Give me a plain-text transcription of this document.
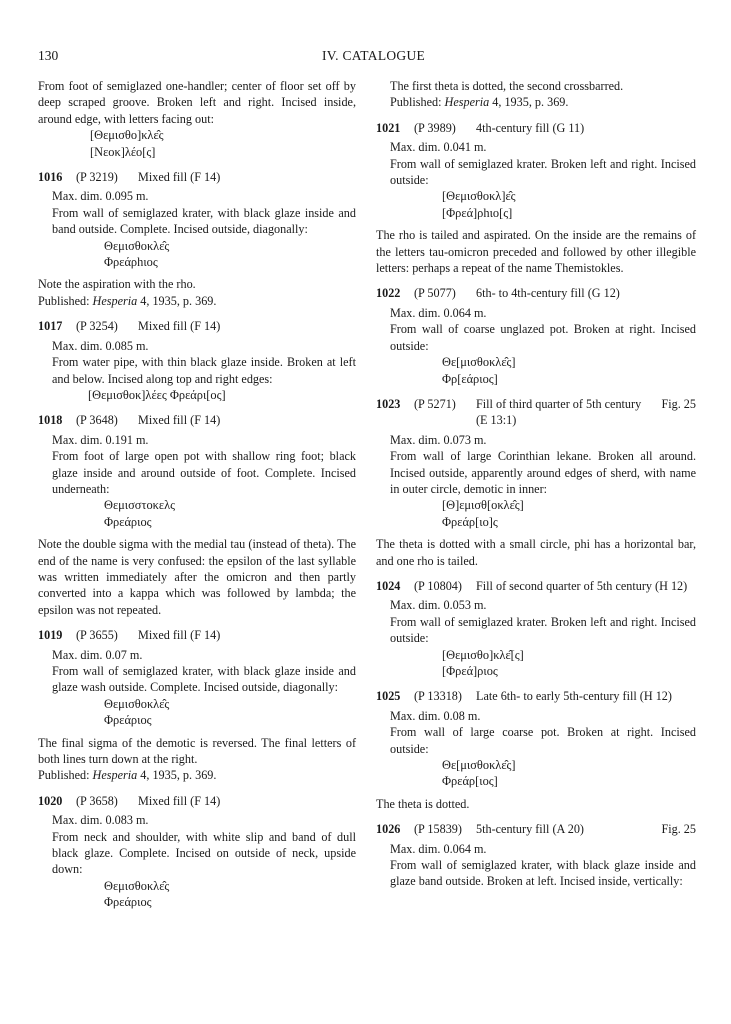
130	IV. CATALOGUE

From foot of semiglazed one-handler; center of floor set off by deep scraped groove. Broken left and right. Incised inside, around edge, with letters facing out:

[Θεμισθο]κλε̂ς
[Νεοκ]λέο[ς]
1016	(P 3219)	Mixed fill (F 14)

Max. dim. 0.095 m.

From wall of semiglazed krater, with black glaze inside and band outside. Complete. Incised outside, diagonally:

Θεμισθοκλε̂ς
Φρεάρhιος

Note the aspiration with the rho.

Published: Hesperia 4, 1935, p. 369.

1017	(P 3254)	Mixed fill (F 14)

Max. dim. 0.085 m.

From water pipe, with thin black glaze inside. Broken at left and below. Incised along top and right edges:

[Θεμισθοκ]λέες Φρεάρι[ος]
1018	(P 3648)	Mixed fill (F 14)

Max. dim. 0.191 m.

From foot of large open pot with shallow ring foot; black glaze inside and around outside of foot. Complete. Incised underneath:

Θεμισστοκελς
Φρεάριος

Note the double sigma with the medial tau (instead of theta). The end of the name is very confused: the epsilon of the last syllable was written immediately after the omicron and then partly converted into a kappa which was followed by lambda; the epsilon was not repeated.

1019	(P 3655)	Mixed fill (F 14)

Max. dim. 0.07 m.

From wall of semiglazed krater, with black glaze inside and glaze wash outside. Complete. Incised outside, diagonally:

Θεμισθοκλε̂ς
Φρεάριος

The final sigma of the demotic is reversed. The final letters of both lines turn down at the right.

Published: Hesperia 4, 1935, p. 369.

1020	(P 3658)	Mixed fill (F 14)

Max. dim. 0.083 m.

From neck and shoulder, with white slip and band of dull black glaze. Complete. Incised on outside of neck, upside down:

Θεμισθοκλε̂ς
Φρεάριος

The first theta is dotted, the second crossbarred.

Published: Hesperia 4, 1935, p. 369.

1021	(P 3989)	4th-century fill (G 11)

Max. dim. 0.041 m.

From wall of semiglazed krater. Broken left and right. Incised outside:

[Θεμισθοκλ]ε̂ς
[Φρεά]ρhιο[ς]

The rho is tailed and aspirated. On the inside are the remains of the letters tau-omicron preceded and followed by other illegible letters: perhaps a repeat of the name Themistokles.

1022	(P 5077)	6th- to 4th-century fill (G 12)

Max. dim. 0.064 m.

From wall of coarse unglazed pot. Broken at right. Incised outside:

Θε[μισθοκλε̂ς]
Φρ[εάριος]
1023	(P 5271)	Fill of third quarter of 5th century (E 13:1)
Fig. 25

Max. dim. 0.073 m.

From wall of large Corinthian lekane. Broken all around. Incised outside, apparently around edges of sherd, with name in outer circle, demotic in inner:

[Θ]εμισθ[οκλε̂ς]
Φρεάρ[ιο]ς

The theta is dotted with a small circle, phi has a horizontal bar, and one rho is tailed.

1024	(P 10804)	Fill of second quarter of 5th century (H 12)

Max. dim. 0.053 m.

From wall of semiglazed krater. Broken left and right. Incised outside:

[Θεμισθο]κλε̂[ς]
[Φρεά]ριος
1025	(P 13318)	Late 6th- to early 5th-century fill (H 12)

Max. dim. 0.08 m.

From wall of large coarse pot. Broken at right. Incised outside:

Θε[μισθοκλε̂ς]
Φρεάρ[ιος]

The theta is dotted.

1026	(P 15839)	5th-century fill (A 20)	Fig. 25

Max. dim. 0.064 m.

From wall of semiglazed krater, with black glaze inside and glaze band outside. Broken at left. Incised inside, vertically:
